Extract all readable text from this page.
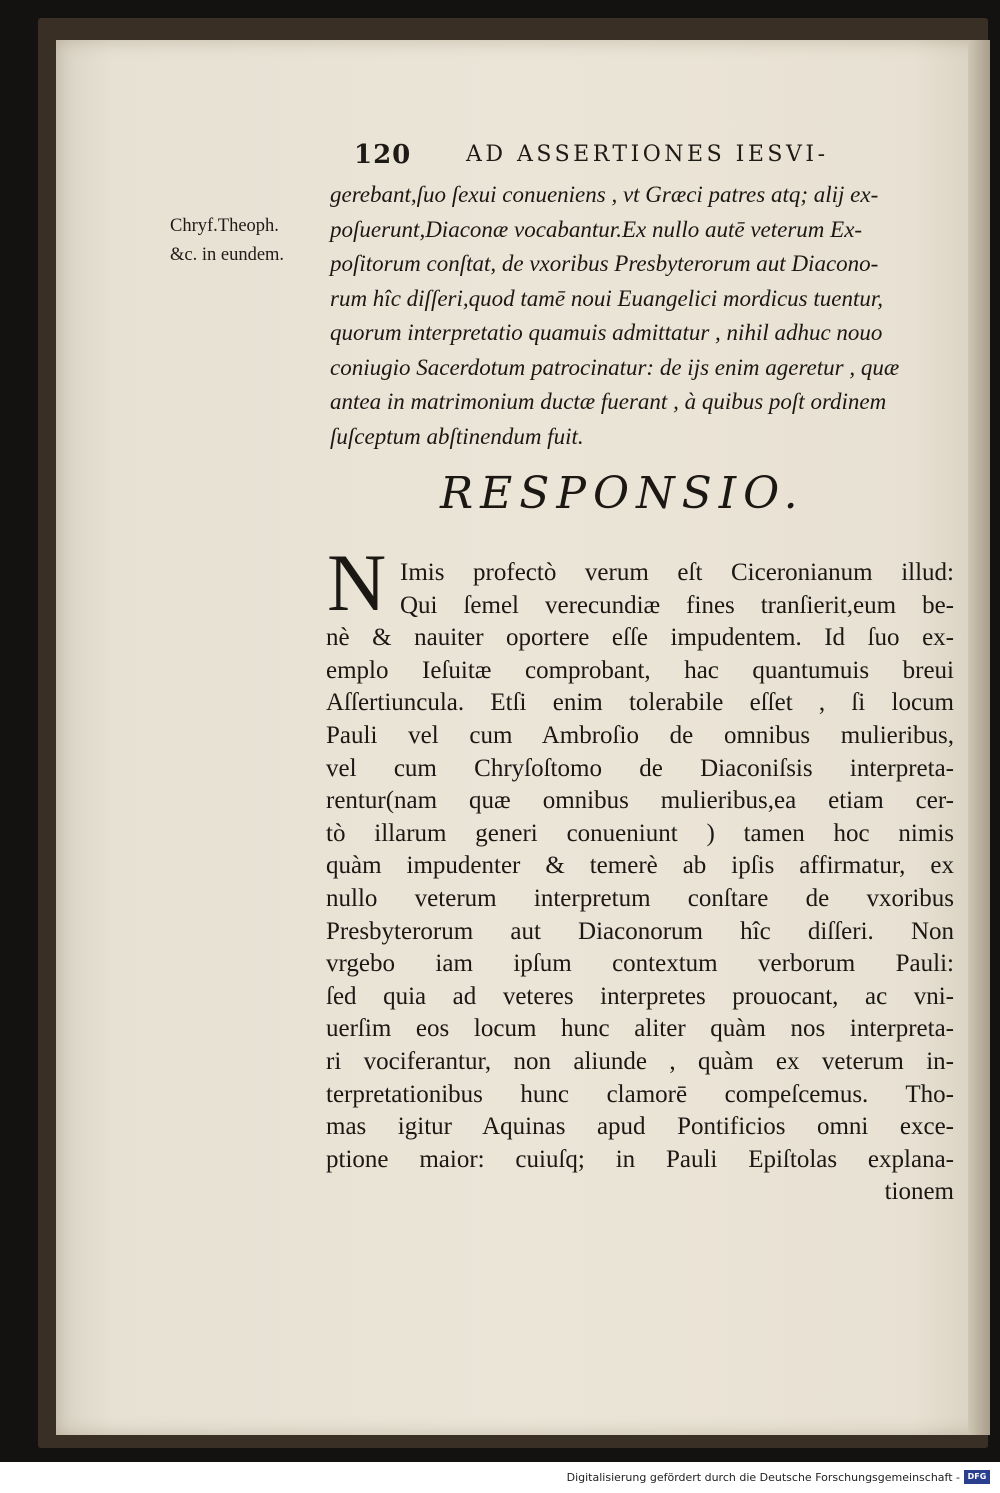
120 AD ASSERTIONES IESVI-
Chryf.Theoph.
&c. in eundem.
gerebant,ſuo ſexui conueniens , vt Græci patres atq; alij ex-
poſuerunt,Diaconæ vocabantur.Ex nullo autē veterum Ex-
poſitorum conſtat, de vxoribus Presbyterorum aut Diacono-
rum hîc diſſeri,quod tamē noui Euangelici mordicus tuentur,
quorum interpretatio quamuis admittatur , nihil adhuc nouo
coniugio Sacerdotum patrocinatur: de ijs enim ageretur , quæ
antea in matrimonium ductæ fuerant , à quibus poſt ordinem
ſuſceptum abſtinendum fuit.
RESPONSIO.
N Imis profectò verum eſt Ciceronianum illud:
Qui ſemel verecundiæ fines tranſierit,eum be-
nè & nauiter oportere eſſe impudentem. Id ſuo ex-
emplo Ieſuitæ comprobant, hac quantumuis breui
Aſſertiuncula. Etſi enim tolerabile eſſet , ſi locum
Pauli vel cum Ambroſio de omnibus mulieribus,
vel cum Chryſoſtomo de Diaconiſsis interpreta-
rentur(nam quæ omnibus mulieribus,ea etiam cer-
tò illarum generi conueniunt ) tamen hoc nimis
quàm impudenter & temerè ab ipſis affirmatur, ex
nullo veterum interpretum conſtare de vxoribus
Presbyterorum aut Diaconorum hîc diſſeri. Non
vrgebo iam ipſum contextum verborum Pauli:
ſed quia ad veteres interpretes prouocant, ac vni-
uerſim eos locum hunc aliter quàm nos interpreta-
ri vociferantur, non aliunde , quàm ex veterum in-
terpretationibus hunc clamorē compeſcemus. Tho-
mas igitur Aquinas apud Pontificios omni exce-
ptione maior: cuiuſq; in Pauli Epiſtolas explana-
tionem
Digitalisierung gefördert durch die Deutsche Forschungsgemeinschaft - DFG
